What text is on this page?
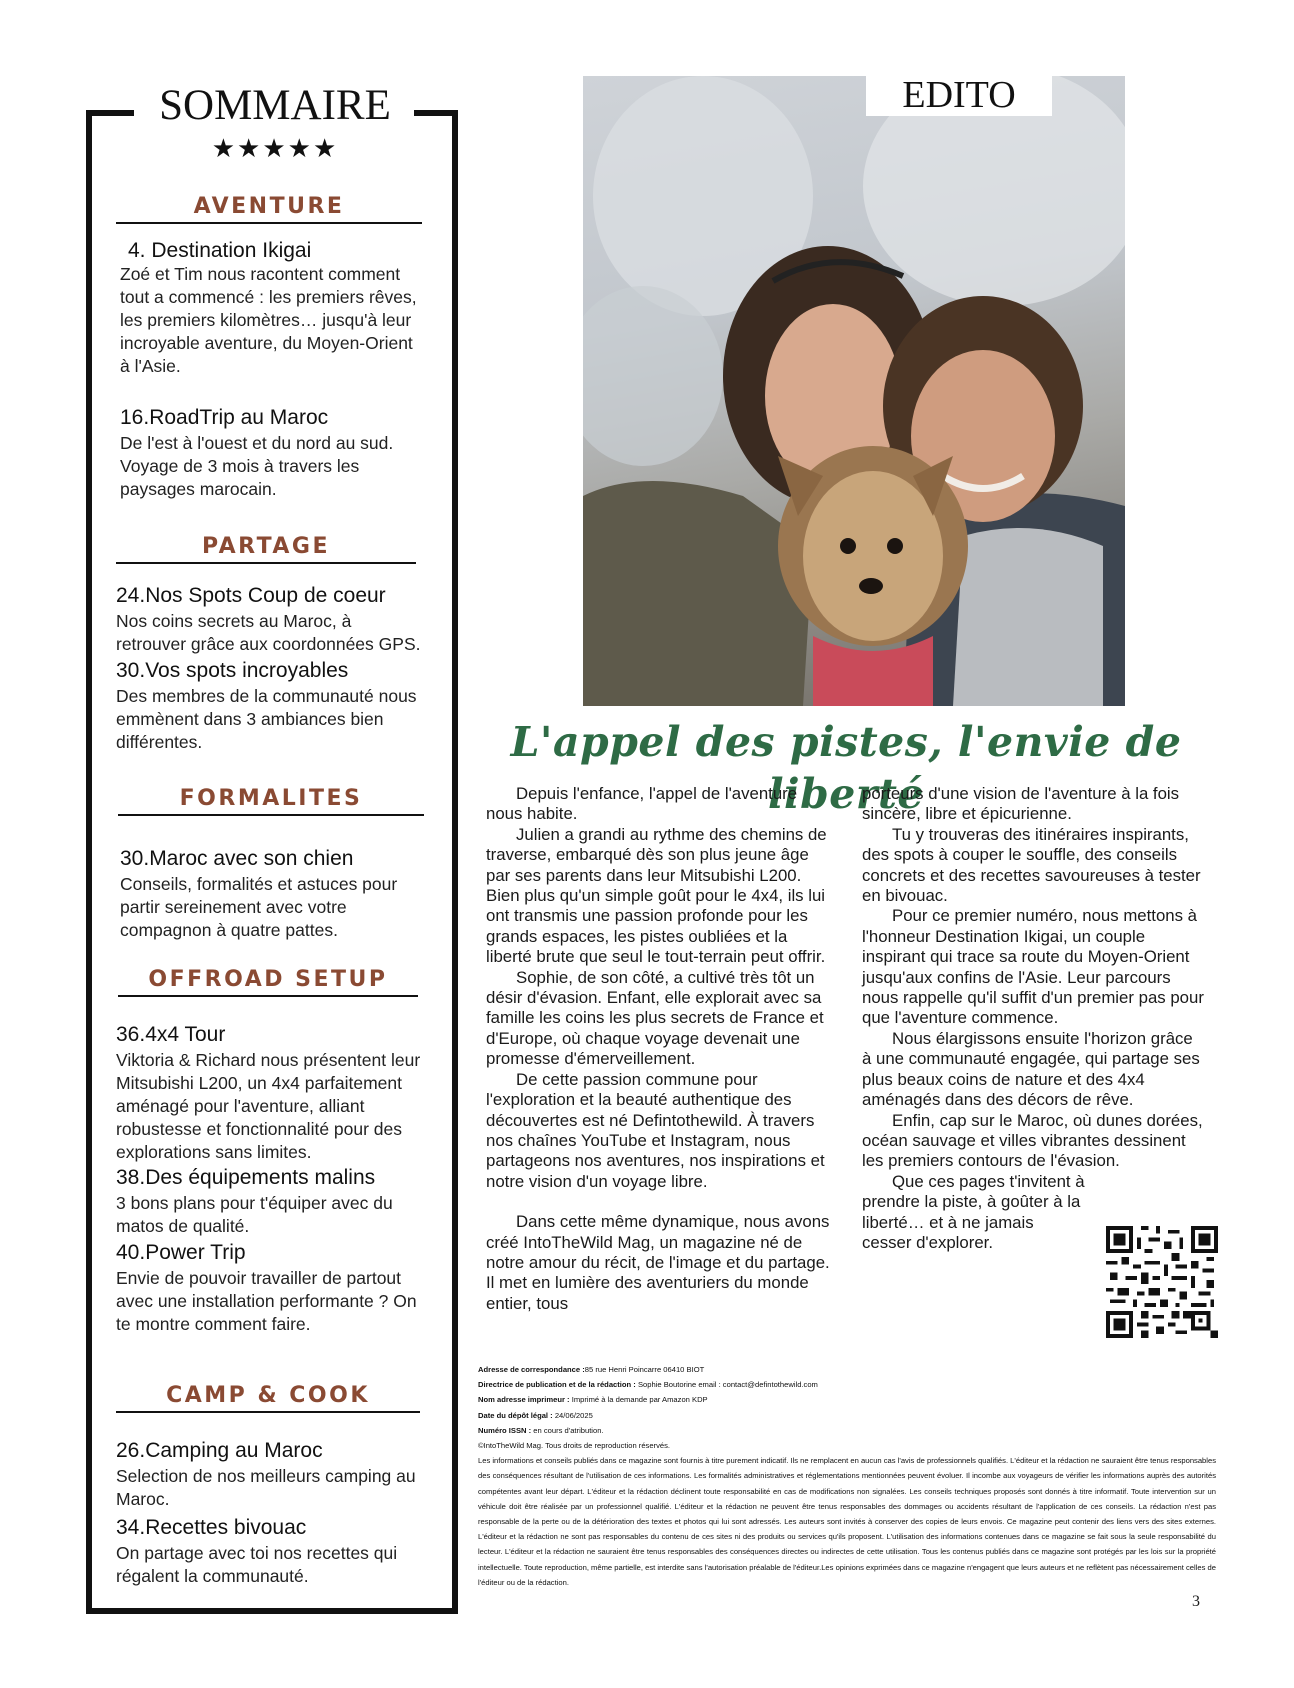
SOMMAIRE
★★★★★
AVENTURE
4. Destination Ikigai
Zoé et Tim nous racontent comment tout a commencé : les premiers rêves, les premiers kilomètres… jusqu'à leur incroyable aventure, du Moyen-Orient à l'Asie.
16.RoadTrip au Maroc
De l'est à l'ouest et du nord au sud. Voyage de 3 mois à travers les paysages marocain.
PARTAGE
24.Nos Spots Coup de coeur
Nos coins secrets au Maroc, à retrouver grâce aux coordonnées GPS.
30.Vos spots incroyables
Des membres de la communauté nous emmènent dans 3 ambiances bien différentes.
FORMALITES
30.Maroc avec son chien
Conseils, formalités et astuces pour partir sereinement avec votre compagnon à quatre pattes.
OFFROAD SETUP
36.4x4 Tour
Viktoria & Richard nous présentent leur Mitsubishi L200, un 4x4 parfaitement aménagé pour l'aventure, alliant robustesse et fonctionnalité pour des explorations sans limites.
38.Des équipements malins
3 bons plans pour t'équiper avec du matos de qualité.
40.Power Trip
Envie de pouvoir travailler de partout avec une installation performante ? On te montre comment faire.
CAMP & COOK
26.Camping au Maroc
Selection de nos meilleurs camping au Maroc.
34.Recettes bivouac
On partage avec toi nos recettes qui régalent la communauté.
EDITO
L'appel des pistes, l'envie de liberté

Depuis l'enfance, l'appel de l'aventure nous habite.

Julien a grandi au rythme des chemins de traverse, embarqué dès son plus jeune âge par ses parents dans leur Mitsubishi L200. Bien plus qu'un simple goût pour le 4x4, ils lui ont transmis une passion profonde pour les grands espaces, les pistes oubliées et la liberté brute que seul le tout-terrain peut offrir.

Sophie, de son côté, a cultivé très tôt un désir d'évasion. Enfant, elle explorait avec sa famille les coins les plus secrets de France et d'Europe, où chaque voyage devenait une promesse d'émerveillement.

De cette passion commune pour l'exploration et la beauté authentique des découvertes est né Defintothewild. À travers nos chaînes YouTube et Instagram, nous partageons nos aventures, nos inspirations et notre vision d'un voyage libre.

Dans cette même dynamique, nous avons créé IntoTheWild Mag, un magazine né de notre amour du récit, de l'image et du partage. Il met en lumière des aventuriers du monde entier, tous

porteurs d'une vision de l'aventure à la fois sincère, libre et épicurienne.

Tu y trouveras des itinéraires inspirants, des spots à couper le souffle, des conseils concrets et des recettes savoureuses à tester en bivouac.

Pour ce premier numéro, nous mettons à l'honneur Destination Ikigai, un couple inspirant qui trace sa route du Moyen-Orient jusqu'aux confins de l'Asie. Leur parcours nous rappelle qu'il suffit d'un premier pas pour que l'aventure commence.

Nous élargissons ensuite l'horizon grâce à une communauté engagée, qui partage ses plus beaux coins de nature et des 4x4 aménagés dans des décors de rêve.

Enfin, cap sur le Maroc, où dunes dorées, océan sauvage et villes vibrantes dessinent les premiers contours de l'évasion.

Que ces pages t'invitent à prendre la piste, à goûter à la liberté… et à ne jamais cesser d'explorer.

Adresse de correspondance :85 rue Henri Poincarre 06410 BIOT
Directrice de publication et de la rédaction : Sophie Boutorine email : contact@defintothewild.com
Nom adresse imprimeur : Imprimé à la demande par Amazon KDP
Date du dépôt légal : 24/06/2025
Numéro ISSN : en cours d'atribution.
©IntoTheWild Mag. Tous droits de reproduction réservés.
Les informations et conseils publiés dans ce magazine sont fournis à titre purement indicatif. Ils ne remplacent en aucun cas l'avis de professionnels qualifiés. L'éditeur et la rédaction ne sauraient être tenus responsables des conséquences résultant de l'utilisation de ces informations. Les formalités administratives et réglementations mentionnées peuvent évoluer. Il incombe aux voyageurs de vérifier les informations auprès des autorités compétentes avant leur départ. L'éditeur et la rédaction déclinent toute responsabilité en cas de modifications non signalées. Les conseils techniques proposés sont donnés à titre informatif. Toute intervention sur un véhicule doit être réalisée par un professionnel qualifié. L'éditeur et la rédaction ne peuvent être tenus responsables des dommages ou accidents résultant de l'application de ces conseils. La rédaction n'est pas responsable de la perte ou de la détérioration des textes et photos qui lui sont adressés. Les auteurs sont invités à conserver des copies de leurs envois. Ce magazine peut contenir des liens vers des sites externes. L'éditeur et la rédaction ne sont pas responsables du contenu de ces sites ni des produits ou services qu'ils proposent. L'utilisation des informations contenues dans ce magazine se fait sous la seule responsabilité du lecteur. L'éditeur et la rédaction ne sauraient être tenus responsables des conséquences directes ou indirectes de cette utilisation. Tous les contenus publiés dans ce magazine sont protégés par les lois sur la propriété intellectuelle. Toute reproduction, même partielle, est interdite sans l'autorisation préalable de l'éditeur.Les opinions exprimées dans ce magazine n'engagent que leurs auteurs et ne reflètent pas nécessairement celles de l'éditeur ou de la rédaction.
3
